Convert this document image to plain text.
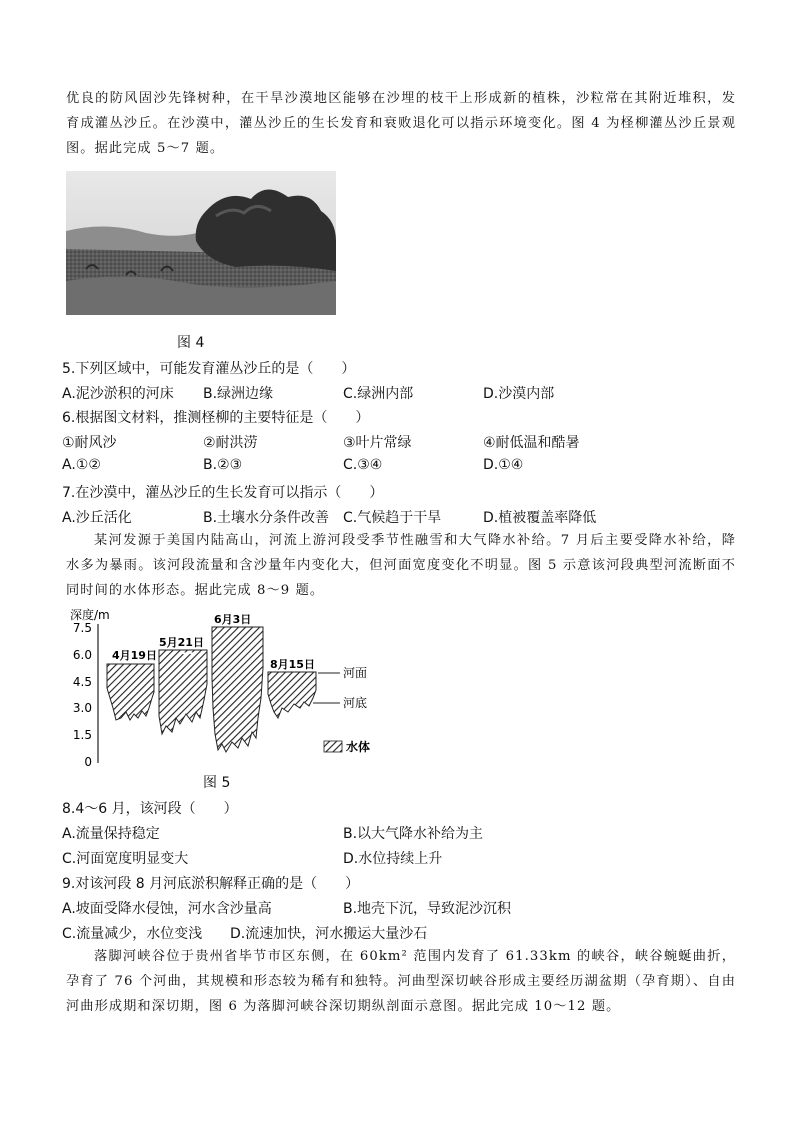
优良的防风固沙先锋树种，在干旱沙漠地区能够在沙埋的枝干上形成新的植株，沙粒常在其附近堆积，发育成灌丛沙丘。在沙漠中，灌丛沙丘的生长发育和衰败退化可以指示环境变化。图 4 为柽柳灌丛沙丘景观图。据此完成 5～7 题。
图 4
5.下列区域中，可能发育灌丛沙丘的是（　　）
A.泥沙淤积的河床 B.绿洲边缘	C.绿洲内部	D.沙漠内部
6.根据图文材料，推测柽柳的主要特征是（　　）
①耐风沙	②耐洪涝	③叶片常绿	④耐低温和酷暑
A.①②	B.②③	C.③④	D.①④
7.在沙漠中，灌丛沙丘的生长发育可以指示（　　）
A.沙丘活化	B.土壤水分条件改善 C.气候趋于干旱	D.植被覆盖率降低
某河发源于美国内陆高山，河流上游河段受季节性融雪和大气降水补给。7 月后主要受降水补给，降水多为暴雨。该河段流量和含沙量年内变化大，但河面宽度变化不明显。图 5 示意该河段典型河流断面不同时间的水体形态。据此完成 8～9 题。
深度/m
7.5
6.0
4.5
3.0
1.5
0
4月19日
5月21日
6月3日
8月15日
河面
河底
水体
图 5
8.4～6 月，该河段（　　）
A.流量保持稳定	B.以大气降水补给为主
C.河面宽度明显变大	D.水位持续上升
9.对该河段 8 月河底淤积解释正确的是（　　）
A.坡面受降水侵蚀，河水含沙量高	B.地壳下沉，导致泥沙沉积
C.流量减少，水位变浅 D.流速加快，河水搬运大量沙石
落脚河峡谷位于贵州省毕节市区东侧，在 60km² 范围内发育了 61.33km 的峡谷，峡谷蜿蜒曲折，孕育了 76 个河曲，其规模和形态较为稀有和独特。河曲型深切峡谷形成主要经历湖盆期（孕育期）、自由河曲形成期和深切期，图 6 为落脚河峡谷深切期纵剖面示意图。据此完成 10～12 题。
